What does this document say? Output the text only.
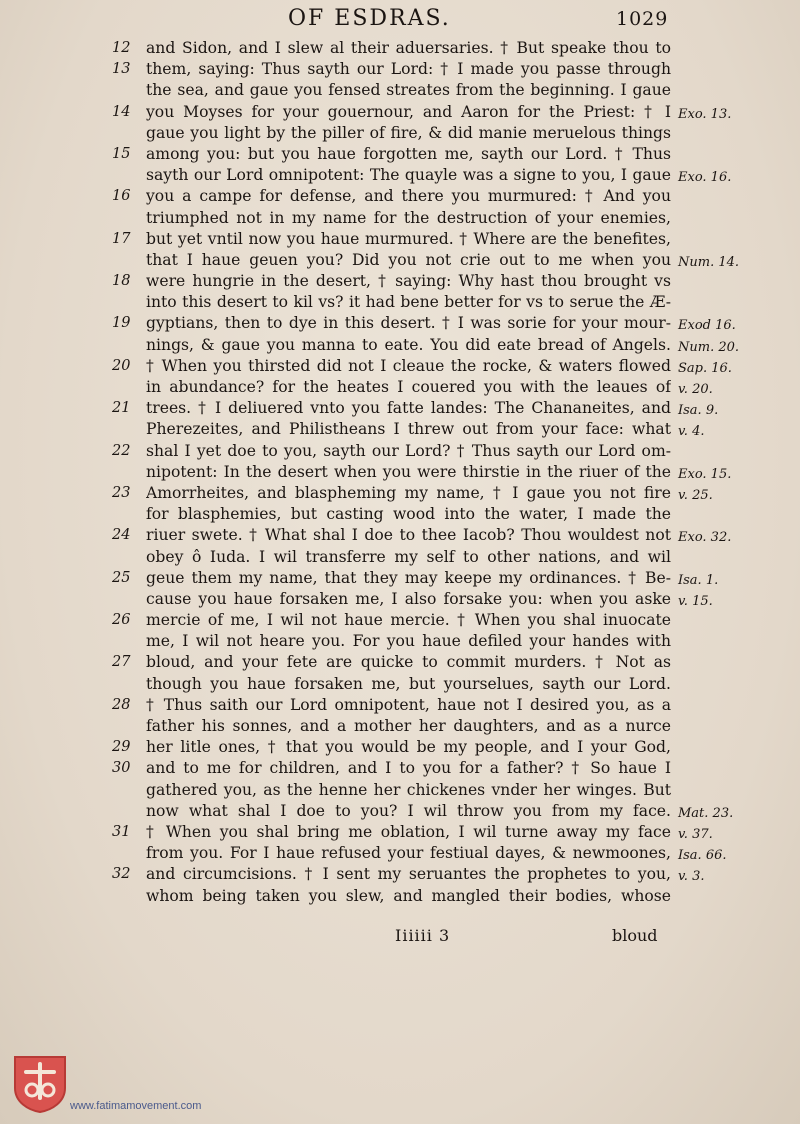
OF ESDRAS.	1029
12 and Sidon, and I slew al their aduersaries. † But speake thou to
13 them, saying: Thus sayth our Lord: † I made you passe through
the sea, and gaue you fensed streates from the beginning. I gaue
14 you Moyses for your gouernour, and Aaron for the Priest: † I Exo. 13.
gaue you light by the piller of fire, & did manie meruelous things
15 among you: but you haue forgotten me, sayth our Lord. † Thus
sayth our Lord omnipotent: The quayle was a signe to you, I gaue Exo. 16.
16 you a campe for defense, and there you murmured: † And you
triumphed not in my name for the destruction of your enemies,
17 but yet vntil now you haue murmured. † Where are the benefites,
that I haue geuen you? Did you not crie out to me when you Num. 14.
18 were hungrie in the desert, † saying: Why hast thou brought vs
into this desert to kil vs? it had bene better for vs to serue the Æ-
19 gyptians, then to dye in this desert. † I was sorie for your mour- Exod 16.
nings, & gaue you manna to eate. You did eate bread of Angels. Num. 20.
20 † When you thirsted did not I cleaue the rocke, & waters flowed Sap. 16.
in abundance? for the heates I couered you with the leaues of v. 20.
21 trees. † I deliuered vnto you fatte landes: The Chananeites, and Isa. 9.
Pherezeites, and Philistheans I threw out from your face: what v. 4.
22 shal I yet doe to you, sayth our Lord? † Thus sayth our Lord om-
nipotent: In the desert when you were thirstie in the riuer of the Exo. 15.
23 Amorrheites, and blaspheming my name, † I gaue you not fire v. 25.
for blasphemies, but casting wood into the water, I made the
24 riuer swete. † What shal I doe to thee Iacob? Thou wouldest not Exo. 32.
obey ô Iuda. I wil transferre my self to other nations, and wil
25 geue them my name, that they may keepe my ordinances. † Be- Isa. 1.
cause you haue forsaken me, I also forsake you: when you aske v. 15.
26 mercie of me, I wil not haue mercie. † When you shal inuocate
me, I wil not heare you. For you haue defiled your handes with
27 bloud, and your fete are quicke to commit murders. † Not as
though you haue forsaken me, but yourselues, sayth our Lord.
28 † Thus saith our Lord omnipotent, haue not I desired you, as a
father his sonnes, and a mother her daughters, and as a nurce
29 her litle ones, † that you would be my people, and I your God,
30 and to me for children, and I to you for a father? † So haue I
gathered you, as the henne her chickenes vnder her winges. But
now what shal I doe to you? I wil throw you from my face. Mat. 23.
31 † When you shal bring me oblation, I wil turne away my face v. 37.
from you. For I haue refused your festiual dayes, & newmoones, Isa. 66.
32 and circumcisions. † I sent my seruantes the prophetes to you, v. 3.
whom being taken you slew, and mangled their bodies, whose
Iiiiii 3	bloud
www.fatimamovement.com
